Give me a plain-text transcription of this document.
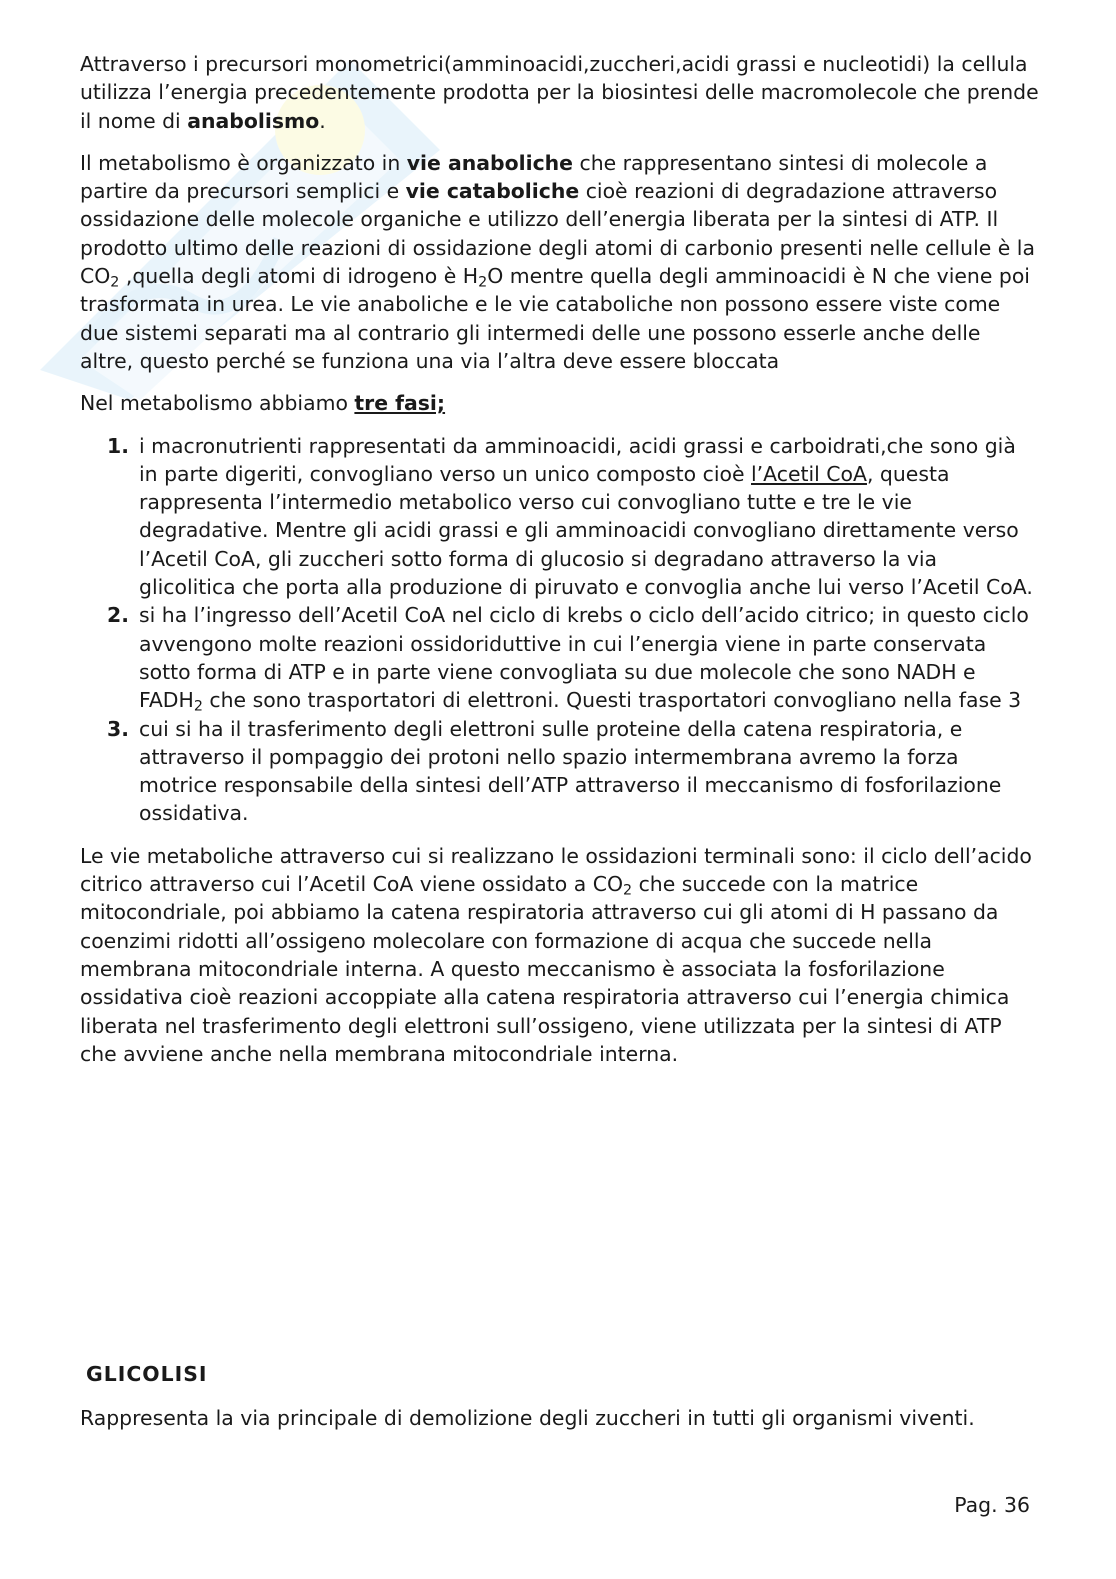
Attraverso i precursori monometrici(amminoacidi,zuccheri,acidi grassi e nucleotidi) la cellula utilizza l’energia precedentemente prodotta per la biosintesi delle macromolecole che prende il nome di anabolismo.

Il metabolismo è organizzato in vie anaboliche che rappresentano sintesi di molecole a partire da precursori semplici e vie cataboliche cioè reazioni di degradazione attraverso ossidazione delle molecole organiche e utilizzo dell’energia liberata per la sintesi di ATP. Il prodotto ultimo delle reazioni di ossidazione degli atomi di carbonio presenti nelle cellule è la $CO_2$ ,quella degli atomi di idrogeno è $H_2O$ mentre quella degli amminoacidi è N che viene poi trasformata in urea. Le vie anaboliche e le vie cataboliche non possono essere viste come due sistemi separati ma al contrario gli intermedi delle une possono esserle anche delle altre, questo perché se funziona una via l’altra deve essere bloccata

Nel metabolismo abbiamo tre fasi;

1. i macronutrienti rappresentati da amminoacidi, acidi grassi e carboidrati,che sono già in parte digeriti, convogliano verso un unico composto cioè l’Acetil CoA, questa rappresenta l’intermedio metabolico verso cui convogliano tutte e tre le vie degradative. Mentre gli acidi grassi e gli amminoacidi convogliano direttamente verso l’Acetil CoA, gli zuccheri sotto forma di glucosio si degradano attraverso la via glicolitica che porta alla produzione di piruvato e convoglia anche lui verso l’Acetil CoA.
2. si ha l’ingresso dell’Acetil CoA nel ciclo di krebs o ciclo dell’acido citrico; in questo ciclo avvengono molte reazioni ossidoriduttive in cui l’energia viene in parte conservata sotto forma di ATP e in parte viene convogliata su due molecole che sono NADH e $FADH_2$ che sono trasportatori di elettroni. Questi trasportatori convogliano nella fase 3
3. cui si ha il trasferimento degli elettroni sulle proteine della catena respiratoria, e attraverso il pompaggio dei protoni nello spazio intermembrana avremo la forza motrice responsabile della sintesi dell’ATP attraverso il meccanismo di fosforilazione ossidativa.

Le vie metaboliche attraverso cui si realizzano le ossidazioni terminali sono: il ciclo dell’acido citrico attraverso cui l’Acetil CoA viene ossidato a $CO_2$ che succede con la matrice mitocondriale, poi abbiamo la catena respiratoria attraverso cui gli atomi di H passano da coenzimi ridotti all’ossigeno molecolare con formazione di acqua che succede nella membrana mitocondriale interna. A questo meccanismo è associata la fosforilazione ossidativa cioè reazioni accoppiate alla catena respiratoria attraverso cui l’energia chimica liberata nel trasferimento degli elettroni sull’ossigeno, viene utilizzata per la sintesi di ATP che avviene anche nella membrana mitocondriale interna.

GLICOLISI
Rappresenta la via principale di demolizione degli zuccheri in tutti gli organismi viventi.
Pag. 36
